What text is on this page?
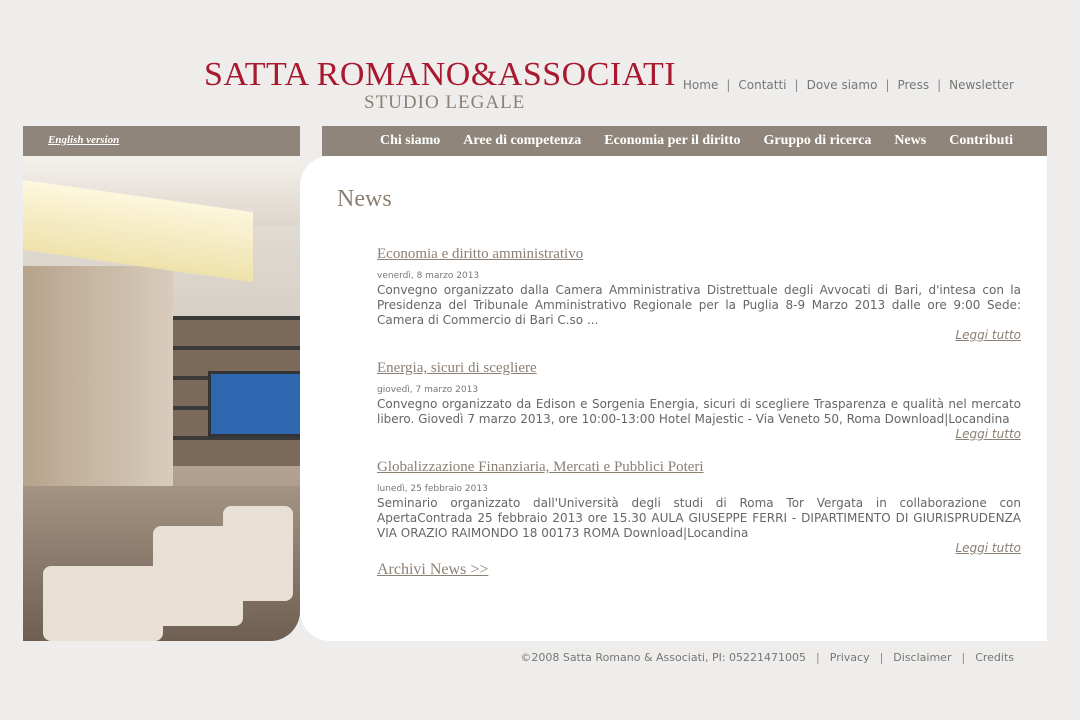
SATTA ROMANO&ASSOCIATI
STUDIO LEGALE
Home | Contatti | Dove siamo | Press | Newsletter
English version	Chi siamo Aree di competenza Economia per il diritto Gruppo di ricerca News Contributi
News
Economia e diritto amministrativo
venerdì, 8 marzo 2013
Convegno organizzato dalla Camera Amministrativa Distrettuale degli Avvocati di Bari, d'intesa con la Presidenza del Tribunale Amministrativo Regionale per la Puglia 8-9 Marzo 2013 dalle ore 9:00 Sede: Camera di Commercio di Bari C.so ...
Leggi tutto
Energia, sicuri di scegliere
giovedì, 7 marzo 2013
Convegno organizzato da Edison e Sorgenia Energia, sicuri di scegliere Trasparenza e qualità nel mercato libero. Giovedì 7 marzo 2013, ore 10:00-13:00 Hotel Majestic - Via Veneto 50, Roma Download|Locandina
Leggi tutto
Globalizzazione Finanziaria, Mercati e Pubblici Poteri
lunedì, 25 febbraio 2013
Seminario organizzato dall'Università degli studi di Roma Tor Vergata in collaborazione con ApertaContrada 25 febbraio 2013 ore 15.30 AULA GIUSEPPE FERRI - DIPARTIMENTO DI GIURISPRUDENZA VIA ORAZIO RAIMONDO 18 00173 ROMA Download|Locandina
Leggi tutto
Archivi News >>
©2008 Satta Romano & Associati, PI: 05221471005 | Privacy | Disclaimer | Credits
